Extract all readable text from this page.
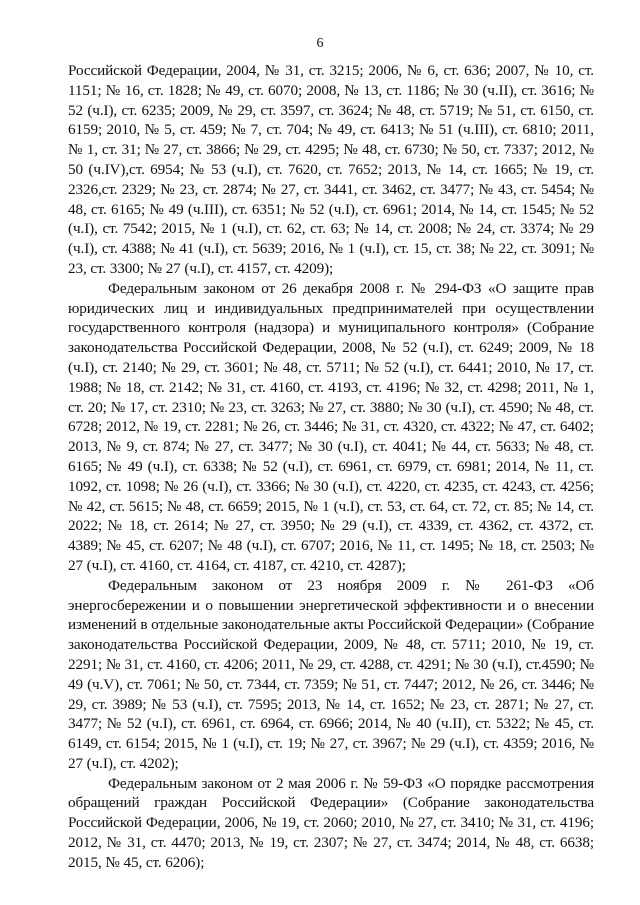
6

Российской Федерации, 2004, № 31, ст. 3215; 2006, № 6, ст. 636; 2007, № 10, ст. 1151; № 16, ст. 1828; № 49, ст. 6070; 2008, № 13, ст. 1186; № 30 (ч.II), ст. 3616; № 52 (ч.I), ст. 6235; 2009, № 29, ст. 3597, ст. 3624; № 48, ст. 5719; № 51, ст. 6150, ст. 6159; 2010, № 5, ст. 459; № 7, ст. 704; № 49, ст. 6413; № 51 (ч.III), ст. 6810; 2011, № 1, ст. 31; № 27, ст. 3866; № 29, ст. 4295; № 48, ст. 6730; № 50, ст. 7337; 2012, № 50 (ч.IV),ст. 6954; № 53 (ч.I), ст. 7620, ст. 7652; 2013, № 14, ст. 1665; № 19, ст. 2326,ст. 2329; № 23, ст. 2874; № 27, ст. 3441, ст. 3462, ст. 3477; № 43, ст. 5454; № 48, ст. 6165; № 49 (ч.III), ст. 6351; № 52 (ч.I), ст. 6961; 2014, № 14, ст. 1545; № 52 (ч.I), ст. 7542; 2015, № 1 (ч.I), ст. 62, ст. 63; № 14, ст. 2008; № 24, ст. 3374; № 29 (ч.I), ст. 4388; № 41 (ч.I), ст. 5639; 2016, № 1 (ч.I), ст. 15, ст. 38; № 22, ст. 3091; № 23, ст. 3300; № 27 (ч.I), ст. 4157, ст. 4209);

Федеральным законом от 26 декабря 2008 г. № 294-ФЗ «О защите прав юридических лиц и индивидуальных предпринимателей при осуществлении государственного контроля (надзора) и муниципального контроля» (Собрание законодательства Российской Федерации, 2008, № 52 (ч.I), ст. 6249; 2009, № 18 (ч.I), ст. 2140; № 29, ст. 3601; № 48, ст. 5711; № 52 (ч.I), ст. 6441; 2010, № 17, ст. 1988; № 18, ст. 2142; № 31, ст. 4160, ст. 4193, ст. 4196; № 32, ст. 4298; 2011, № 1, ст. 20; № 17, ст. 2310; № 23, ст. 3263; № 27, ст. 3880; № 30 (ч.I), ст. 4590; № 48, ст. 6728; 2012, № 19, ст. 2281; № 26, ст. 3446; № 31, ст. 4320, ст. 4322; № 47, ст. 6402; 2013, № 9, ст. 874; № 27, ст. 3477; № 30 (ч.I), ст. 4041; № 44, ст. 5633; № 48, ст. 6165; № 49 (ч.I), ст. 6338; № 52 (ч.I), ст. 6961, ст. 6979, ст. 6981; 2014, № 11, ст. 1092, ст. 1098; № 26 (ч.I), ст. 3366; № 30 (ч.I), ст. 4220, ст. 4235, ст. 4243, ст. 4256; № 42, ст. 5615; № 48, ст. 6659; 2015, № 1 (ч.I), ст. 53, ст. 64, ст. 72, ст. 85; № 14, ст. 2022; № 18, ст. 2614; № 27, ст. 3950; № 29 (ч.I), ст. 4339, ст. 4362, ст. 4372, ст. 4389; № 45, ст. 6207; № 48 (ч.I), ст. 6707; 2016, № 11, ст. 1495; № 18, ст. 2503; № 27 (ч.I), ст. 4160, ст. 4164, ст. 4187, ст. 4210, ст. 4287);

Федеральным законом от 23 ноября 2009 г. № 261-ФЗ «Об энергосбережении и о повышении энергетической эффективности и о внесении изменений в отдельные законодательные акты Российской Федерации» (Собрание законодательства Российской Федерации, 2009, № 48, ст. 5711; 2010, № 19, ст. 2291; № 31, ст. 4160, ст. 4206; 2011, № 29, ст. 4288, ст. 4291; № 30 (ч.I), ст.4590; № 49 (ч.V), ст. 7061; № 50, ст. 7344, ст. 7359; № 51, ст. 7447; 2012, № 26, ст. 3446; № 29, ст. 3989; № 53 (ч.I), ст. 7595; 2013, № 14, ст. 1652; № 23, ст. 2871; № 27, ст. 3477; № 52 (ч.I), ст. 6961, ст. 6964, ст. 6966; 2014, № 40 (ч.II), ст. 5322; № 45, ст. 6149, ст. 6154; 2015, № 1 (ч.I), ст. 19; № 27, ст. 3967; № 29 (ч.I), ст. 4359; 2016, № 27 (ч.I), ст. 4202);

Федеральным законом от 2 мая 2006 г. № 59-ФЗ «О порядке рассмотрения обращений граждан Российской Федерации» (Собрание законодательства Российской Федерации, 2006, № 19, ст. 2060; 2010, № 27, ст. 3410; № 31, ст. 4196; 2012, № 31, ст. 4470; 2013, № 19, ст. 2307; № 27, ст. 3474; 2014, № 48, ст. 6638; 2015, № 45, ст. 6206);
